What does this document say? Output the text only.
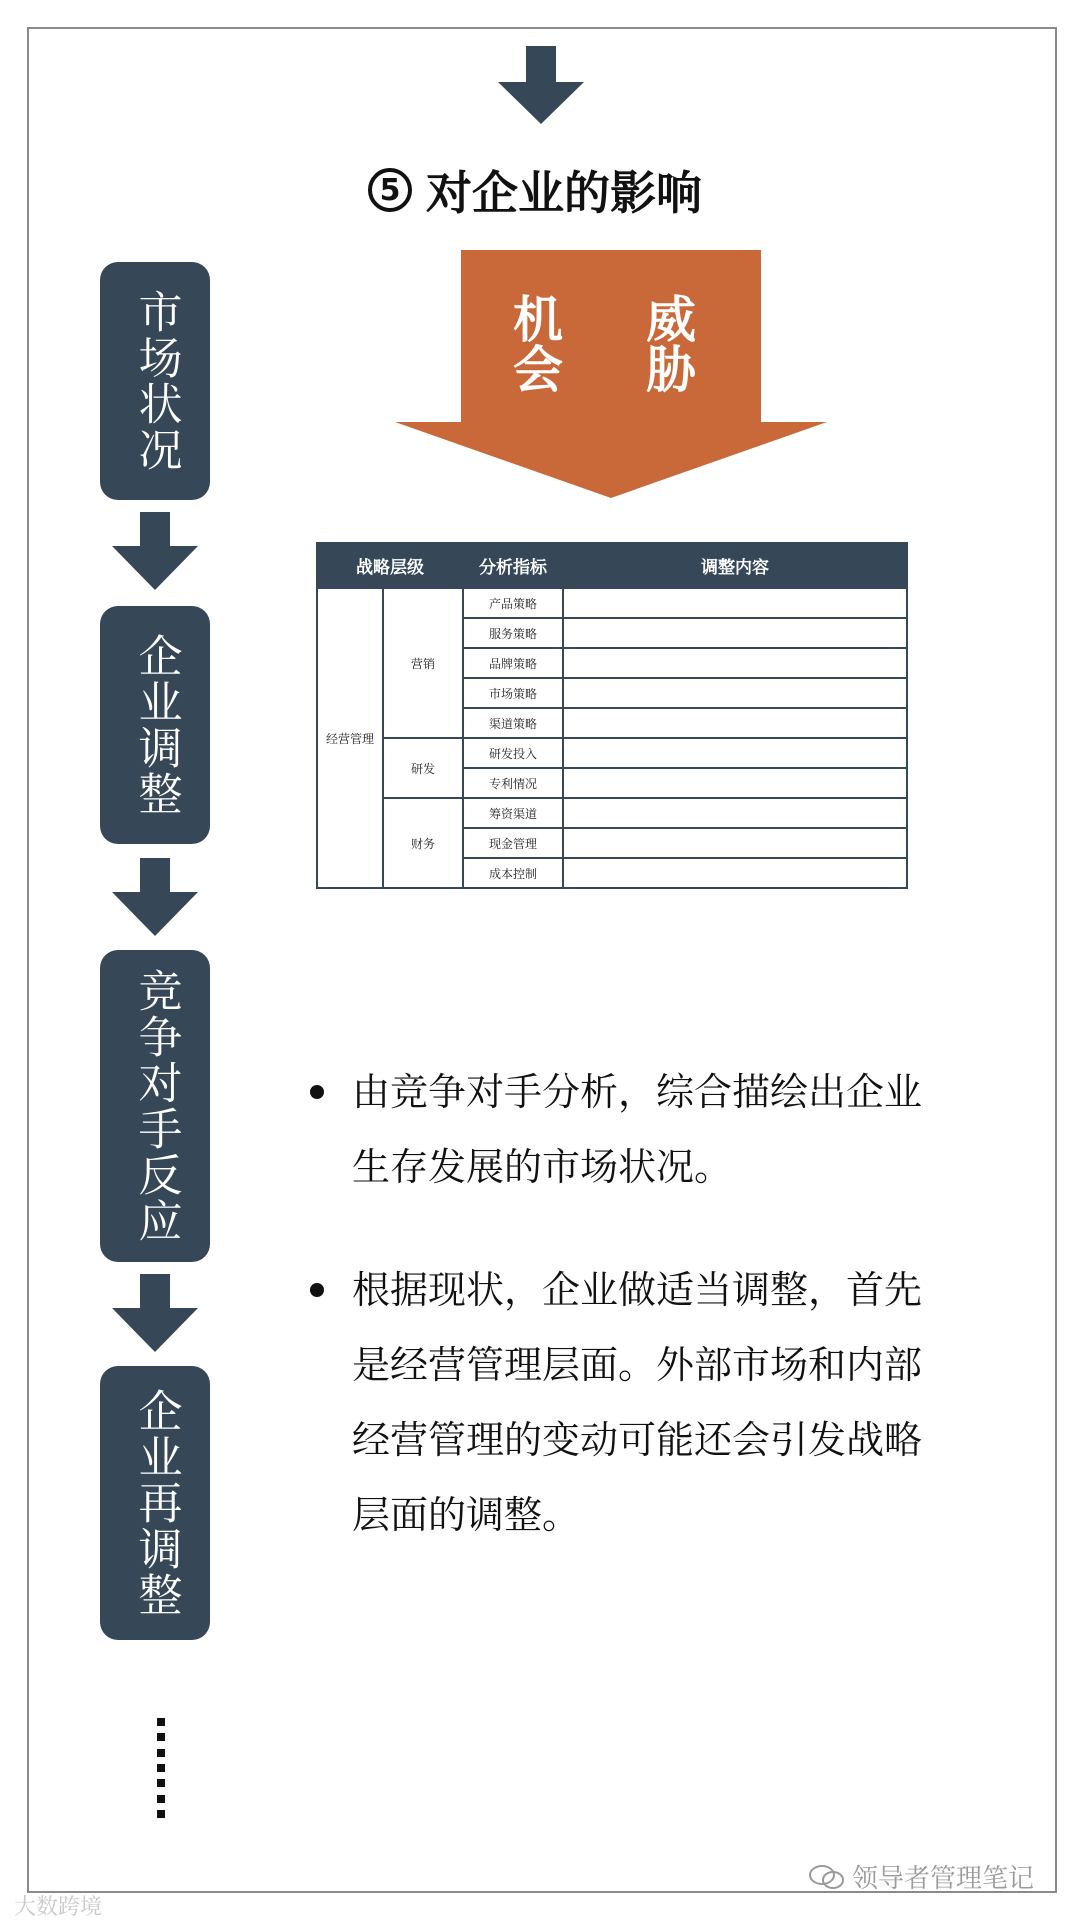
5 对企业的影响
机会
威胁
市场状况
企业调整
竞争对手反应
企业再调整
战略层级		分析指标	调整内容
经营管理	营销	产品策略	
		服务策略	
		品牌策略	
		市场策略	
		渠道策略	
	研发	研发投入	
		专利情况	
	财务	筹资渠道	
		现金管理	
		成本控制	
由竞争对手分析，综合描绘出企业生存发展的市场状况。
根据现状，企业做适当调整，首先是经营管理层面。外部市场和内部经营管理的变动可能还会引发战略层面的调整。
大数跨境
领导者管理笔记
